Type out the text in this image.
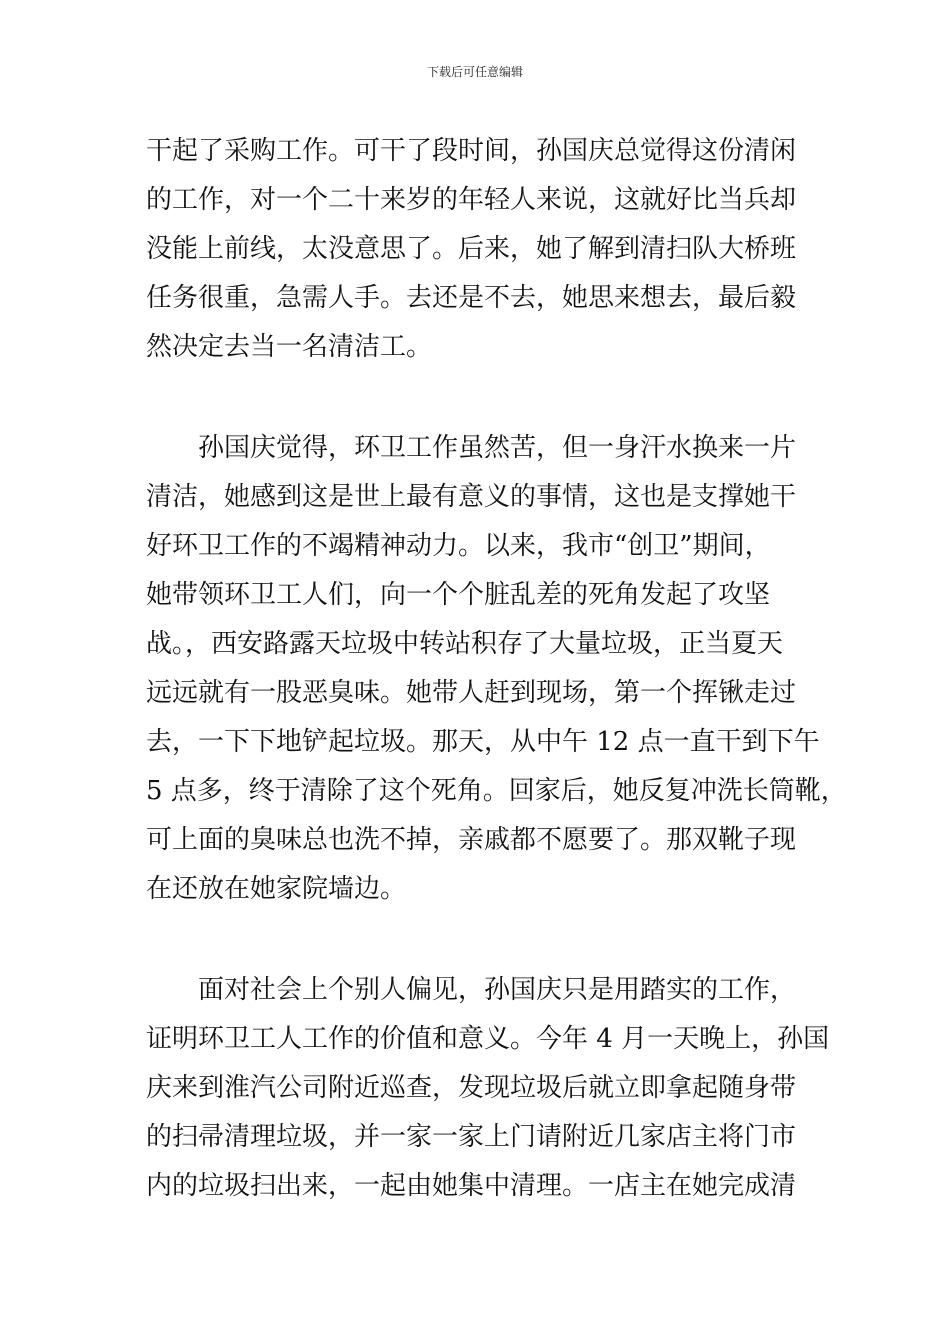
下载后可任意编辑
干起了采购工作。可干了段时间，孙国庆总觉得这份清闲
的工作，对一个二十来岁的年轻人来说，这就好比当兵却
没能上前线，太没意思了。后来，她了解到清扫队大桥班
任务很重，急需人手。去还是不去，她思来想去，最后毅
然决定去当一名清洁工。
　　孙国庆觉得，环卫工作虽然苦，但一身汗水换来一片
清洁，她感到这是世上最有意义的事情，这也是支撑她干
好环卫工作的不竭精神动力。以来，我市“创卫”期间，
她带领环卫工人们，向一个个脏乱差的死角发起了攻坚
战。，西安路露天垃圾中转站积存了大量垃圾，正当夏天
远远就有一股恶臭味。她带人赶到现场，第一个挥锹走过
去，一下下地铲起垃圾。那天，从中午 12 点一直干到下午
5 点多，终于清除了这个死角。回家后，她反复冲洗长筒靴，
可上面的臭味总也洗不掉，亲戚都不愿要了。那双靴子现
在还放在她家院墙边。
　　面对社会上个别人偏见，孙国庆只是用踏实的工作，
证明环卫工人工作的价值和意义。今年 4 月一天晚上，孙国
庆来到淮汽公司附近巡查，发现垃圾后就立即拿起随身带
的扫帚清理垃圾，并一家一家上门请附近几家店主将门市
内的垃圾扫出来，一起由她集中清理。一店主在她完成清
